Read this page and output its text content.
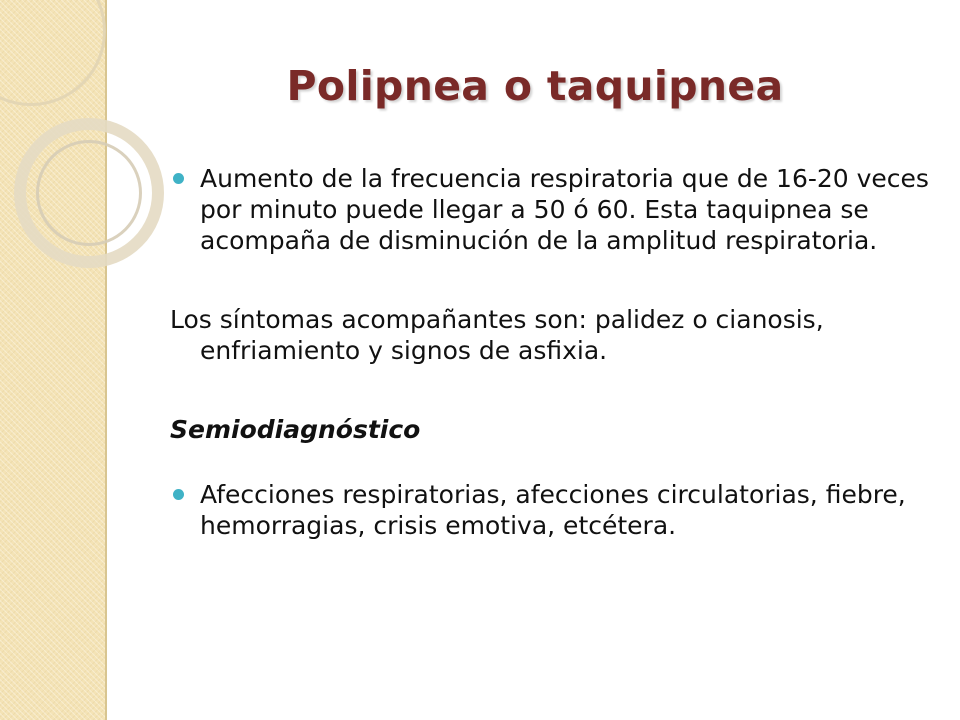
Polipnea o taquipnea

Aumento de la frecuencia respiratoria que de 16-20 veces por minuto puede llegar a 50 ó 60. Esta taquipnea se acompaña de disminución de la amplitud respiratoria.

Los síntomas acompañantes son: palidez o cianosis, enfriamiento y signos de asfixia.

Semiodiagnóstico

Afecciones respiratorias, afecciones circulatorias, fiebre, hemorragias, crisis emotiva, etcétera.
